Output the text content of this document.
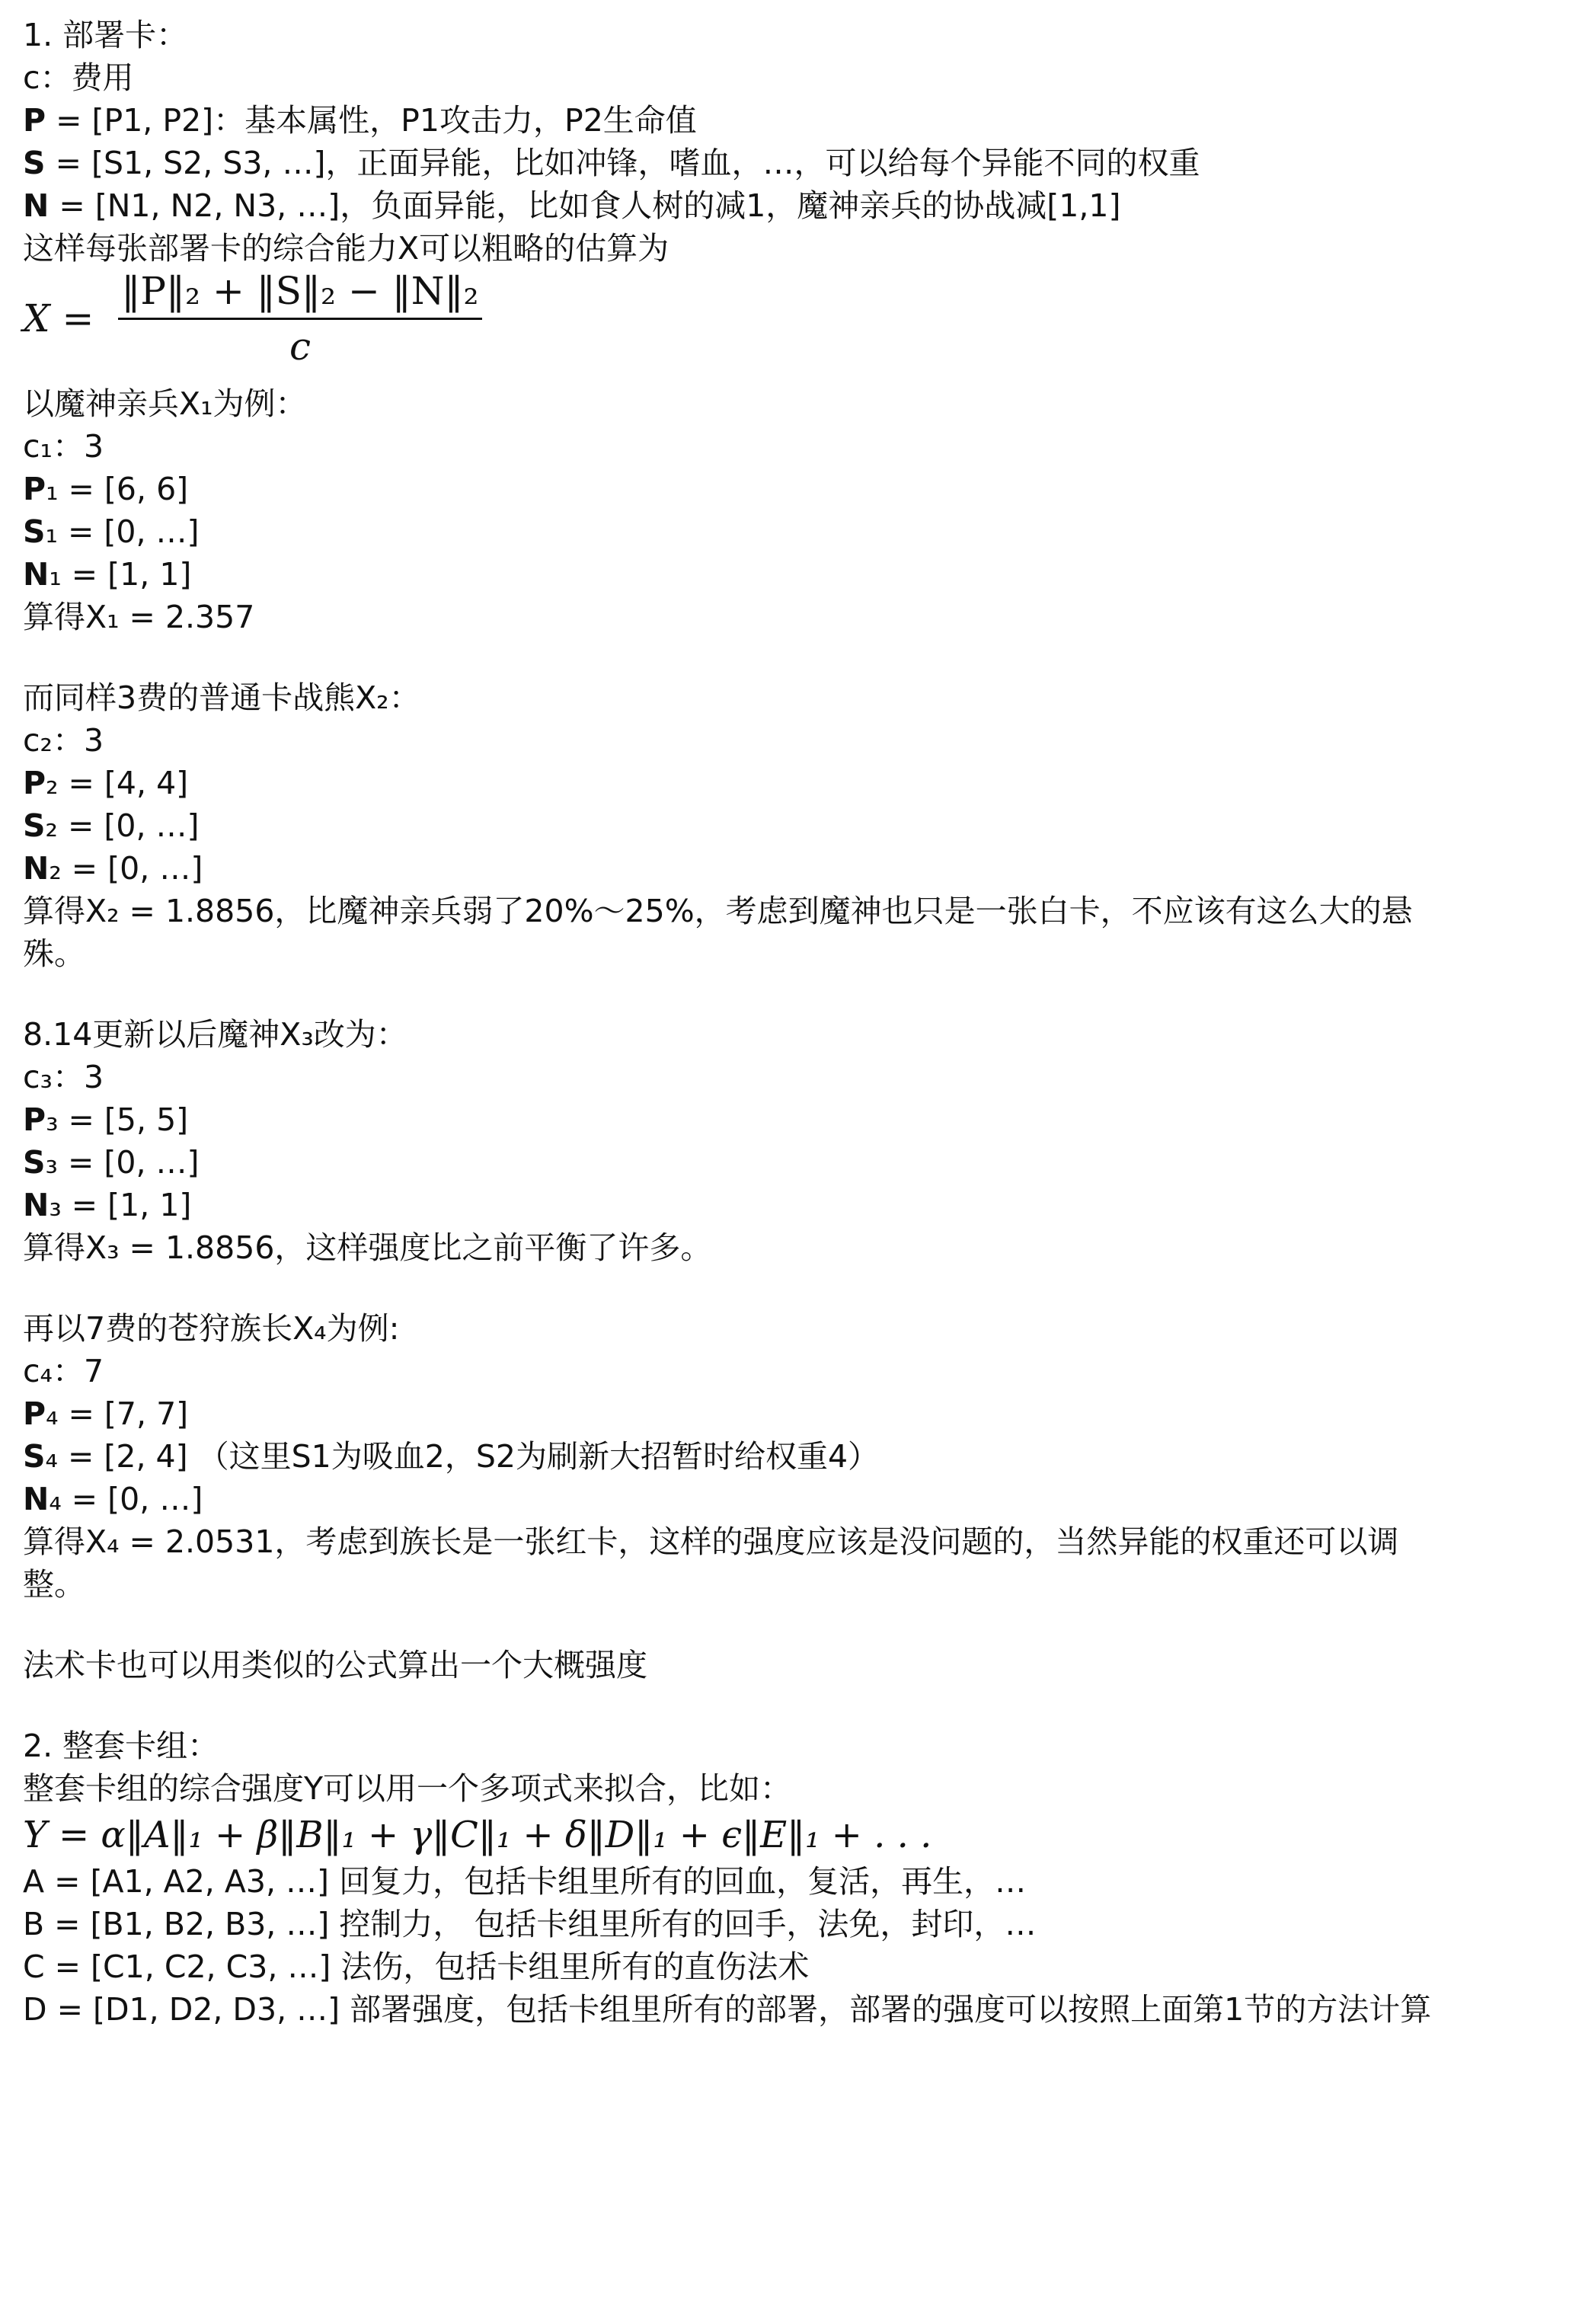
1. 部署卡：
c：费用
P = [P1, P2]：基本属性，P1攻击力，P2生命值
S = [S1, S2, S3, …]，正面异能，比如冲锋，嗜血，…，可以给每个异能不同的权重
N = [N1, N2, N3, …]，负面异能，比如食人树的减1，魔神亲兵的协战减[1,1]
这样每张部署卡的综合能力X可以粗略的估算为
$X = \frac{\text{‖P‖₂ + ‖S‖₂ − ‖N‖₂}}{c}$
以魔神亲兵X₁为例：
c₁：3
P₁ = [6, 6]
S₁ = [0, …]
N₁ = [1, 1]
算得X₁ = 2.357
而同样3费的普通卡战熊X₂：
c₂：3
P₂ = [4, 4]
S₂ = [0, …]
N₂ = [0, …]
算得X₂ = 1.8856，比魔神亲兵弱了20%～25%，考虑到魔神也只是一张白卡，不应该有这么大的悬
殊。
8.14更新以后魔神X₃改为：
c₃：3
P₃ = [5, 5]
S₃ = [0, …]
N₃ = [1, 1]
算得X₃ = 1.8856，这样强度比之前平衡了许多。
再以7费的苍狩族长X₄为例:
c₄：7
P₄ = [7, 7]
S₄ = [2, 4] （这里S1为吸血2，S2为刷新大招暂时给权重4）
N₄ = [0, …]
算得X₄ = 2.0531，考虑到族长是一张红卡，这样的强度应该是没问题的，当然异能的权重还可以调
整。
法术卡也可以用类似的公式算出一个大概强度
2. 整套卡组：
整套卡组的综合强度Y可以用一个多项式来拟合，比如：
Y = α‖A‖₁ + β‖B‖₁ + γ‖C‖₁ + δ‖D‖₁ + ϵ‖E‖₁ + . . .
A = [A1, A2, A3, …] 回复力，包括卡组里所有的回血，复活，再生，…
B = [B1, B2, B3, …] 控制力， 包括卡组里所有的回手，法免，封印，…
C = [C1, C2, C3, …] 法伤，包括卡组里所有的直伤法术
D = [D1, D2, D3, …] 部署强度，包括卡组里所有的部署，部署的强度可以按照上面第1节的方法计算
